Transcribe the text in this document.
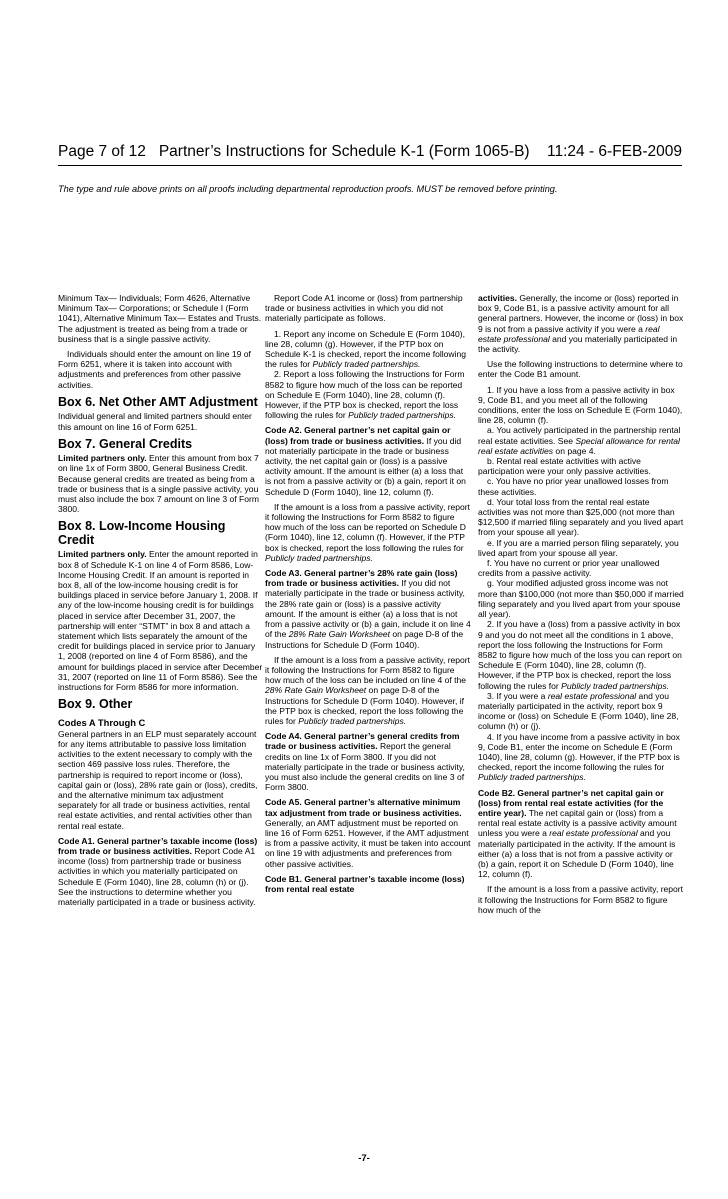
Page 7 of 12 Partner’s Instructions for Schedule K-1 (Form 1065-B) 11:24 - 6-FEB-2009
The type and rule above prints on all proofs including departmental reproduction proofs. MUST be removed before printing.

Minimum Tax— Individuals; Form 4626, Alternative Minimum Tax— Corporations; or Schedule I (Form 1041), Alternative Minimum Tax— Estates and Trusts. The adjustment is treated as being from a trade or business that is a single passive activity.

Individuals should enter the amount on line 19 of Form 6251, where it is taken into account with adjustments and preferences from other passive activities.

Box 6. Net Other AMT Adjustment

Individual general and limited partners should enter this amount on line 16 of Form 6251.

Box 7. General Credits

Limited partners only. Enter this amount from box 7 on line 1x of Form 3800, General Business Credit. Because general credits are treated as being from a trade or business that is a single passive activity, you must also include the box 7 amount on line 3 of Form 3800.

Box 8. Low-Income Housing Credit

Limited partners only. Enter the amount reported in box 8 of Schedule K-1 on line 4 of Form 8586, Low-Income Housing Credit. If an amount is reported in box 8, all of the low-income housing credit is for buildings placed in service before January 1, 2008. If any of the low-income housing credit is for buildings placed in service after December 31, 2007, the partnership will enter “STMT” in box 8 and attach a statement which lists separately the amount of the credit for buildings placed in service prior to January 1, 2008 (reported on line 4 of Form 8586), and the amount for buildings placed in service after December 31, 2007 (reported on line 11 of Form 8586). See the instructions for Form 8586 for more information.

Box 9. Other
Codes A Through C

General partners in an ELP must separately account for any items attributable to passive loss limitation activities to the extent necessary to comply with the section 469 passive loss rules. Therefore, the partnership is required to report income or (loss), capital gain or (loss), 28% rate gain or (loss), credits, and the alternative minimum tax adjustment separately for all trade or business activities, rental real estate activities, and rental activities other than rental real estate.

Code A1. General partner’s taxable income (loss) from trade or business activities. Report Code A1 income (loss) from partnership trade or business activities in which you materially participated on Schedule E (Form 1040), line 28, column (h) or (j). See the instructions to determine whether you materially participated in a trade or business activity.

Report Code A1 income or (loss) from partnership trade or business activities in which you did not materially participate as follows.

1. Report any income on Schedule E (Form 1040), line 28, column (g). However, if the PTP box on Schedule K-1 is checked, report the income following the rules for Publicly traded partnerships.

2. Report a loss following the Instructions for Form 8582 to figure how much of the loss can be reported on Schedule E (Form 1040), line 28, column (f). However, if the PTP box is checked, report the loss following the rules for Publicly traded partnerships.

Code A2. General partner’s net capital gain or (loss) from trade or business activities. If you did not materially participate in the trade or business activity, the net capital gain or (loss) is a passive activity amount. If the amount is either (a) a loss that is not from a passive activity or (b) a gain, report it on Schedule D (Form 1040), line 12, column (f).

If the amount is a loss from a passive activity, report it following the Instructions for Form 8582 to figure how much of the loss can be reported on Schedule D (Form 1040), line 12, column (f). However, if the PTP box is checked, report the loss following the rules for Publicly traded partnerships.

Code A3. General partner’s 28% rate gain (loss) from trade or business activities. If you did not materially participate in the trade or business activity, the 28% rate gain or (loss) is a passive activity amount. If the amount is either (a) a loss that is not from a passive activity or (b) a gain, include it on line 4 of the 28% Rate Gain Worksheet on page D-8 of the Instructions for Schedule D (Form 1040).

If the amount is a loss from a passive activity, report it following the Instructions for Form 8582 to figure how much of the loss can be included on line 4 of the 28% Rate Gain Worksheet on page D-8 of the Instructions for Schedule D (Form 1040). However, if the PTP box is checked, report the loss following the rules for Publicly traded partnerships.

Code A4. General partner’s general credits from trade or business activities. Report the general credits on line 1x of Form 3800. If you did not materially participate in the trade or business activity, you must also include the general credits on line 3 of Form 3800.

Code A5. General partner’s alternative minimum tax adjustment from trade or business activities. Generally, an AMT adjustment must be reported on line 16 of Form 6251. However, if the AMT adjustment is from a passive activity, it must be taken into account on line 19 with adjustments and preferences from other passive activities.

Code B1. General partner’s taxable income (loss) from rental real estate

activities. Generally, the income or (loss) reported in box 9, Code B1, is a passive activity amount for all general partners. However, the income or (loss) in box 9 is not from a passive activity if you were a real estate professional and you materially participated in the activity.

Use the following instructions to determine where to enter the Code B1 amount.

1. If you have a loss from a passive activity in box 9, Code B1, and you meet all of the following conditions, enter the loss on Schedule E (Form 1040), line 28, column (f).

a. You actively participated in the partnership rental real estate activities. See Special allowance for rental real estate activities on page 4.

b. Rental real estate activities with active participation were your only passive activities.

c. You have no prior year unallowed losses from these activities.

d. Your total loss from the rental real estate activities was not more than $25,000 (not more than $12,500 if married filing separately and you lived apart from your spouse all year).

e. If you are a married person filing separately, you lived apart from your spouse all year.

f. You have no current or prior year unallowed credits from a passive activity.

g. Your modified adjusted gross income was not more than $100,000 (not more than $50,000 if married filing separately and you lived apart from your spouse all year).

2. If you have a (loss) from a passive activity in box 9 and you do not meet all the conditions in 1 above, report the loss following the Instructions for Form 8582 to figure how much of the loss you can report on Schedule E (Form 1040), line 28, column (f). However, if the PTP box is checked, report the loss following the rules for Publicly traded partnerships.

3. If you were a real estate professional and you materially participated in the activity, report box 9 income or (loss) on Schedule E (Form 1040), line 28, column (h) or (j).

4. If you have income from a passive activity in box 9, Code B1, enter the income on Schedule E (Form 1040), line 28, column (g). However, if the PTP box is checked, report the income following the rules for Publicly traded partnerships.

Code B2. General partner’s net capital gain or (loss) from rental real estate activities (for the entire year). The net capital gain or (loss) from a rental real estate activity is a passive activity amount unless you were a real estate professional and you materially participated in the activity. If the amount is either (a) a loss that is not from a passive activity or (b) a gain, report it on Schedule D (Form 1040), line 12, column (f).

If the amount is a loss from a passive activity, report it following the Instructions for Form 8582 to figure how much of the

-7-
